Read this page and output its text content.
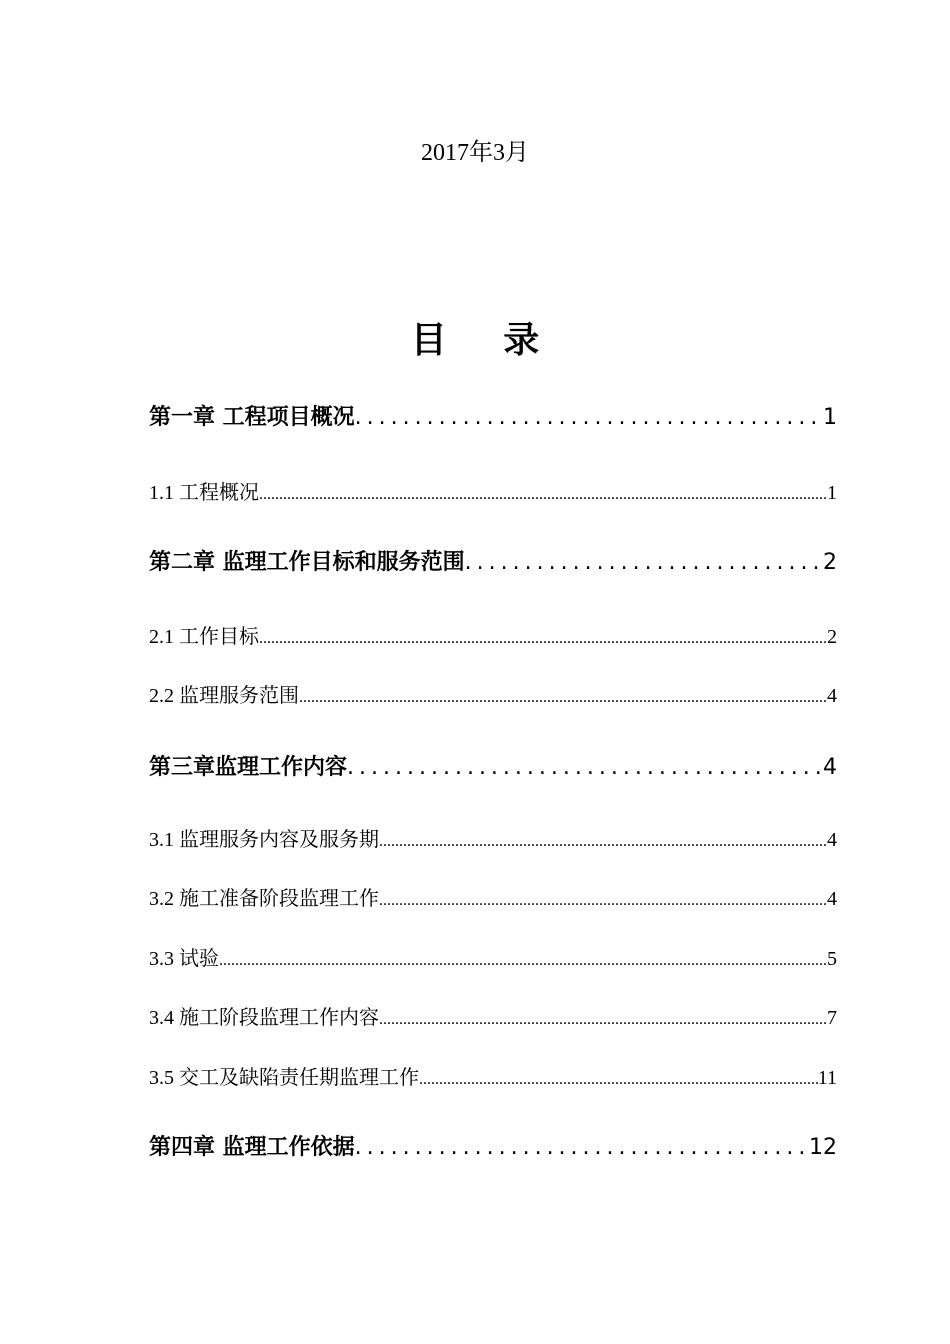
2017年3月
目 录
第一章 工程项目概况 .....	1
1.1 工程概况 .....	1
第二章 监理工作目标和服务范围 .....	2
2.1 工作目标 .....	2
2.2 监理服务范围 .....	4
第三章监理工作内容 .....	4
3.1 监理服务内容及服务期 .....	4
3.2 施工准备阶段监理工作 .....	4
3.3 试验 .....	5
3.4 施工阶段监理工作内容 .....	7
3.5 交工及缺陷责任期监理工作 .....	11
第四章 监理工作依据 .....	12
